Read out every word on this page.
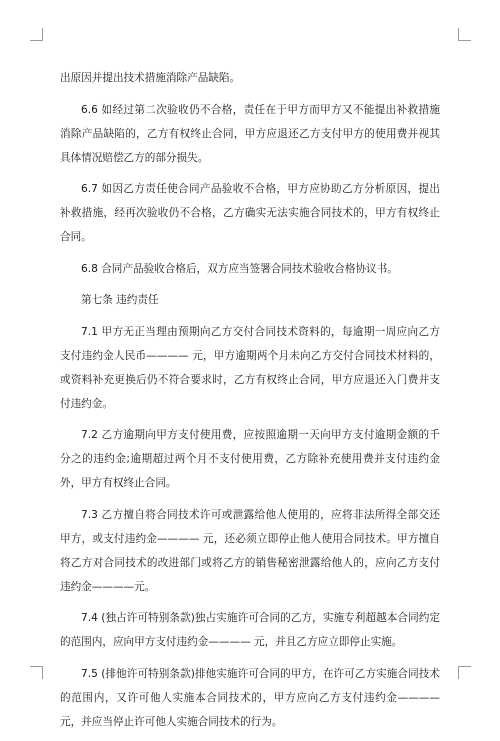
出原因并提出技术措施消除产品缺陷。

6.6 如经过第二次验收仍不合格，责任在于甲方而甲方又不能提出补救措施消除产品缺陷的，乙方有权终止合同，甲方应退还乙方支付甲方的使用费并视其具体情况赔偿乙方的部分损失。

6.7 如因乙方责任使合同产品验收不合格，甲方应协助乙方分析原因，提出补救措施，经再次验收仍不合格，乙方确实无法实施合同技术的，甲方有权终止合同。

6.8 合同产品验收合格后，双方应当签署合同技术验收合格协议书。

第七条 违约责任

7.1 甲方无正当理由预期向乙方交付合同技术资料的，每逾期一周应向乙方支付违约金人民币———— 元，甲方逾期两个月未向乙方交付合同技术材料的，或资料补充更换后仍不符合要求时，乙方有权终止合同，甲方应退还入门费并支付违约金。

7.2 乙方逾期向甲方支付使用费，应按照逾期一天向甲方支付逾期金额的千分之的违约金;逾期超过两个月不支付使用费，乙方除补充使用费并支付违约金外，甲方有权终止合同。

7.3 乙方擅自将合同技术许可或泄露给他人使用的，应将非法所得全部交还甲方，或支付违约金———— 元，还必须立即停止他人使用合同技术。甲方擅自将乙方对合同技术的改进部门或将乙方的销售秘密泄露给他人的，应向乙方支付违约金————元。

7.4 (独占许可特别条款)独占实施许可合同的乙方，实施专利超越本合同约定的范围内，应向甲方支付违约金———— 元，并且乙方应立即停止实施。

7.5 (排他许可特别条款)排他实施许可合同的甲方，在许可乙方实施合同技术的范围内，又许可他人实施本合同技术的，甲方应向乙方支付违约金———— 元，并应当停止许可他人实施合同技术的行为。
